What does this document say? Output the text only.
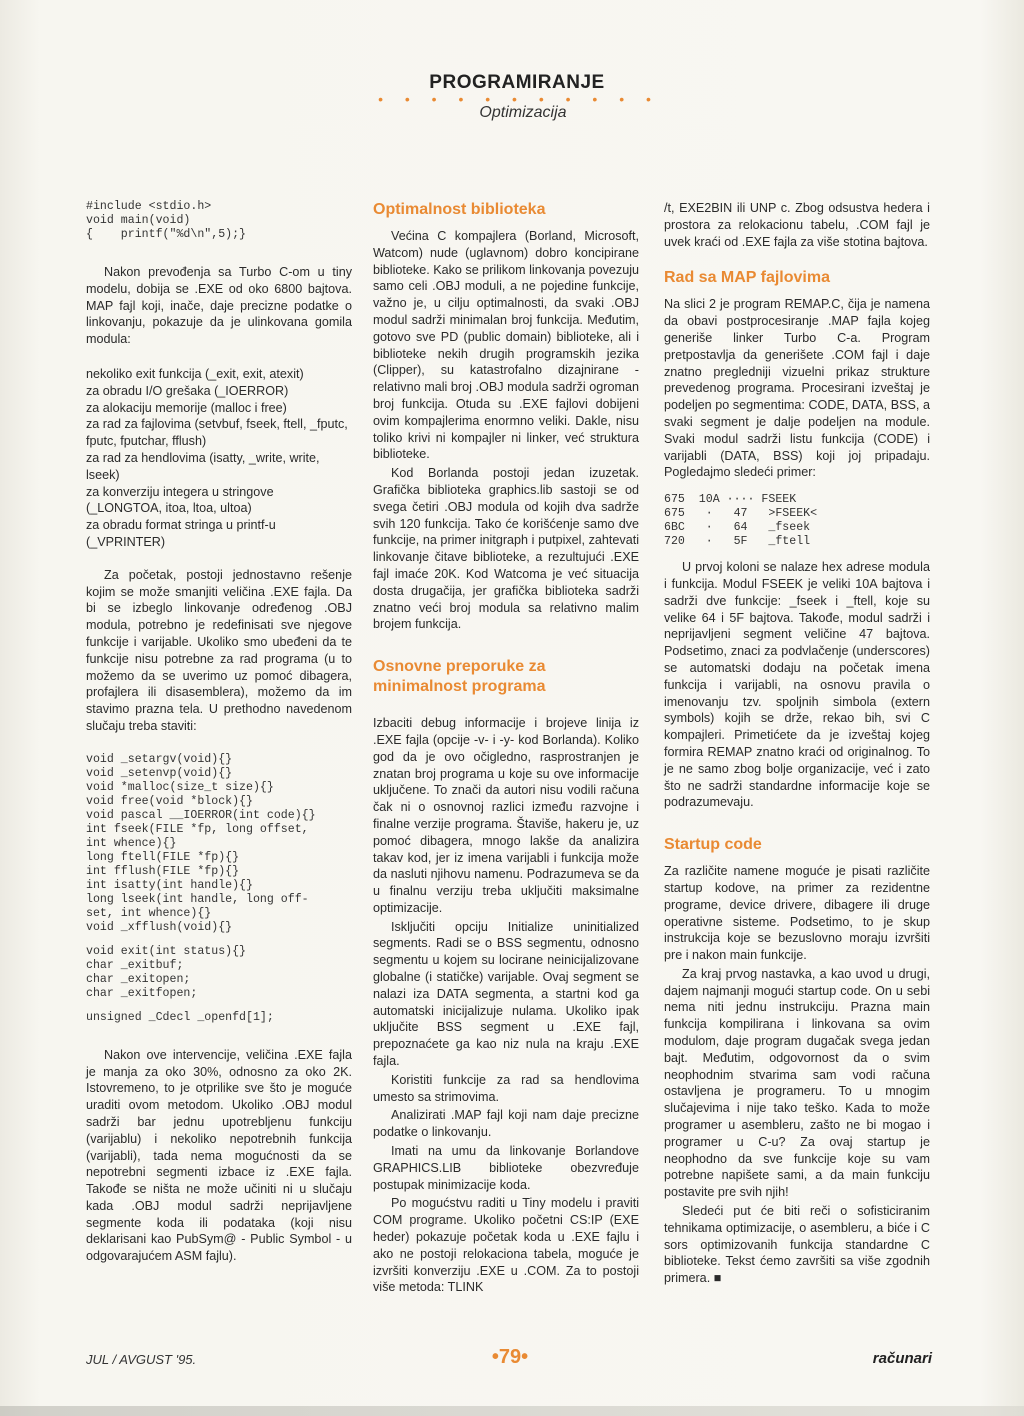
PROGRAMIRANJE
• • • • • • • • • • •
Optimizacija
#include <stdio.h>
void main(void)
{    printf("%d\n",5);}

Nakon prevođenja sa Turbo C-om u tiny modelu, dobija se .EXE od oko 6800 bajtova. MAP fajl koji, inače, daje precizne podatke o linkovanju, pokazuje da je ulinkovana gomila modula:

nekoliko exit funkcija (_exit, exit, atexit)

za obradu I/O grešaka (_IOERROR)

za alokaciju memorije (malloc i free)

za rad za fajlovima (setvbuf, fseek, ftell, _fputc, fputc, fputchar, fflush)

za rad za hendlovima (isatty, _write, write, lseek)

za konverziju integera u stringove (_LONGTOA, itoa, ltoa, ultoa)

za obradu format stringa u printf-u (_VPRINTER)

Za početak, postoji jednostavno rešenje kojim se može smanjiti veličina .EXE fajla. Da bi se izbeglo linkovanje određenog .OBJ modula, potrebno je redefinisati sve njegove funkcije i varijable. Ukoliko smo ubeđeni da te funkcije nisu potrebne za rad programa (u to možemo da se uverimo uz pomoć dibagera, profajlera ili disasemblera), možemo da im stavimo prazna tela. U prethodno navedenom slučaju treba staviti:

void _setargv(void){}
void _setenvp(void){}
void *malloc(size_t size){}
void free(void *block){}
void pascal __IOERROR(int code){}
int fseek(FILE *fp, long offset,
int whence){}
long ftell(FILE *fp){}
int fflush(FILE *fp){}
int isatty(int handle){}
long lseek(int handle, long off-
set, int whence){}
void _xfflush(void){}
void exit(int status){}
char _exitbuf;
char _exitopen;
char _exitfopen;
unsigned _Cdecl _openfd[1];

Nakon ove intervencije, veličina .EXE fajla je manja za oko 30%, odnosno za oko 2K. Istovremeno, to je otprilike sve što je moguće uraditi ovom metodom. Ukoliko .OBJ modul sadrži bar jednu upotrebljenu funkciju (varijablu) i nekoliko nepotrebnih funkcija (varijabli), tada nema mogućnosti da se nepotrebni segmenti izbace iz .EXE fajla. Takođe se ništa ne može učiniti ni u slučaju kada .OBJ modul sadrži neprijavljene segmente koda ili podataka (koji nisu deklarisani kao PubSym@ - Public Symbol - u odgovarajućem ASM fajlu).

Optimalnost biblioteka

Većina C kompajlera (Borland, Microsoft, Watcom) nude (uglavnom) dobro koncipirane biblioteke. Kako se prilikom linkovanja povezuju samo celi .OBJ moduli, a ne pojedine funkcije, važno je, u cilju optimalnosti, da svaki .OBJ modul sadrži minimalan broj funkcija. Međutim, gotovo sve PD (public domain) biblioteke, ali i biblioteke nekih drugih programskih jezika (Clipper), su katastrofalno dizajnirane - relativno mali broj .OBJ modula sadrži ogroman broj funkcija. Otuda su .EXE fajlovi dobijeni ovim kompajlerima enormno veliki. Dakle, nisu toliko krivi ni kompajler ni linker, već struktura biblioteke.

Kod Borlanda postoji jedan izuzetak. Grafička biblioteka graphics.lib sastoji se od svega četiri .OBJ modula od kojih dva sadrže svih 120 funkcija. Tako će korišćenje samo dve funkcije, na primer initgraph i putpixel, zahtevati linkovanje čitave biblioteke, a rezultujući .EXE fajl imaće 20K. Kod Watcoma je već situacija dosta drugačija, jer grafička biblioteka sadrži znatno veći broj modula sa relativno malim brojem funkcija.

Osnovne preporuke za minimalnost programa

Izbaciti debug informacije i brojeve linija iz .EXE fajla (opcije -v- i -y- kod Borlanda). Koliko god da je ovo očigledno, rasprostranjen je znatan broj programa u koje su ove informacije uključene. To znači da autori nisu vodili računa čak ni o osnovnoj razlici između razvojne i finalne verzije programa. Štaviše, hakeru je, uz pomoć dibagera, mnogo lakše da analizira takav kod, jer iz imena varijabli i funkcija može da nasluti njihovu namenu. Podrazumeva se da u finalnu verziju treba uključiti maksimalne optimizacije.

Isključiti opciju Initialize uninitialized segments. Radi se o BSS segmentu, odnosno segmentu u kojem su locirane neinicijalizovane globalne (i statičke) varijable. Ovaj segment se nalazi iza DATA segmenta, a startni kod ga automatski inicijalizuje nulama. Ukoliko ipak uključite BSS segment u .EXE fajl, prepoznaćete ga kao niz nula na kraju .EXE fajla.

Koristiti funkcije za rad sa hendlovima umesto sa strimovima.

Analizirati .MAP fajl koji nam daje precizne podatke o linkovanju.

Imati na umu da linkovanje Borlandove GRAPHICS.LIB biblioteke obezvređuje postupak minimizacije koda.

Po mogućstvu raditi u Tiny modelu i praviti COM programe. Ukoliko početni CS:IP (EXE heder) pokazuje početak koda u .EXE fajlu i ako ne postoji relokaciona tabela, moguće je izvršiti konverziju .EXE u .COM. Za to postoji više metoda: TLINK

/t, EXE2BIN ili UNP c. Zbog odsustva hedera i prostora za relokacionu tabelu, .COM fajl je uvek kraći od .EXE fajla za više stotina bajtova.

Rad sa MAP fajlovima

Na slici 2 je program REMAP.C, čija je namena da obavi postprocesiranje .MAP fajla kojeg generiše linker Turbo C-a. Program pretpostavlja da generišete .COM fajl i daje znatno pregledniji vizuelni prikaz strukture prevedenog programa. Procesirani izveštaj je podeljen po segmentima: CODE, DATA, BSS, a svaki segment je dalje podeljen na module. Svaki modul sadrži listu funkcija (CODE) i varijabli (DATA, BSS) koji joj pripadaju. Pogledajmo sledeći primer:

675  10A ···· FSEEK
675   ·   47   >FSEEK<
6BC   ·   64   _fseek
720   ·   5F   _ftell

U prvoj koloni se nalaze hex adrese modula i funkcija. Modul FSEEK je veliki 10A bajtova i sadrži dve funkcije: _fseek i _ftell, koje su velike 64 i 5F bajtova. Takođe, modul sadrži i neprijavljeni segment veličine 47 bajtova. Podsetimo, znaci za podvlačenje (underscores) se automatski dodaju na početak imena funkcija i varijabli, na osnovu pravila o imenovanju tzv. spoljnih simbola (extern symbols) kojih se drže, rekao bih, svi C kompajleri. Primetićete da je izveštaj kojeg formira REMAP znatno kraći od originalnog. To je ne samo zbog bolje organizacije, već i zato što ne sadrži standardne informacije koje se podrazumevaju.

Startup code

Za različite namene moguće je pisati različite startup kodove, na primer za rezidentne programe, device drivere, dibagere ili druge operativne sisteme. Podsetimo, to je skup instrukcija koje se bezuslovno moraju izvršiti pre i nakon main funkcije.

Za kraj prvog nastavka, a kao uvod u drugi, dajem najmanji mogući startup code. On u sebi nema niti jednu instrukciju. Prazna main funkcija kompilirana i linkovana sa ovim modulom, daje program dugačak svega jedan bajt. Međutim, odgovornost da o svim neophodnim stvarima sam vodi računa ostavljena je programeru. To u mnogim slučajevima i nije tako teško. Kada to može programer u asembleru, zašto ne bi mogao i programer u C-u? Za ovaj startup je neophodno da sve funkcije koje su vam potrebne napišete sami, a da main funkciju postavite pre svih njih!

Sledeći put će biti reči o sofisticiranim tehnikama optimizacije, o asembleru, a biće i C sors optimizovanih funkcija standardne C biblioteke. Tekst ćemo završiti sa više zgodnih primera. ■

JUL / AVGUST '95.	•79•	računari
